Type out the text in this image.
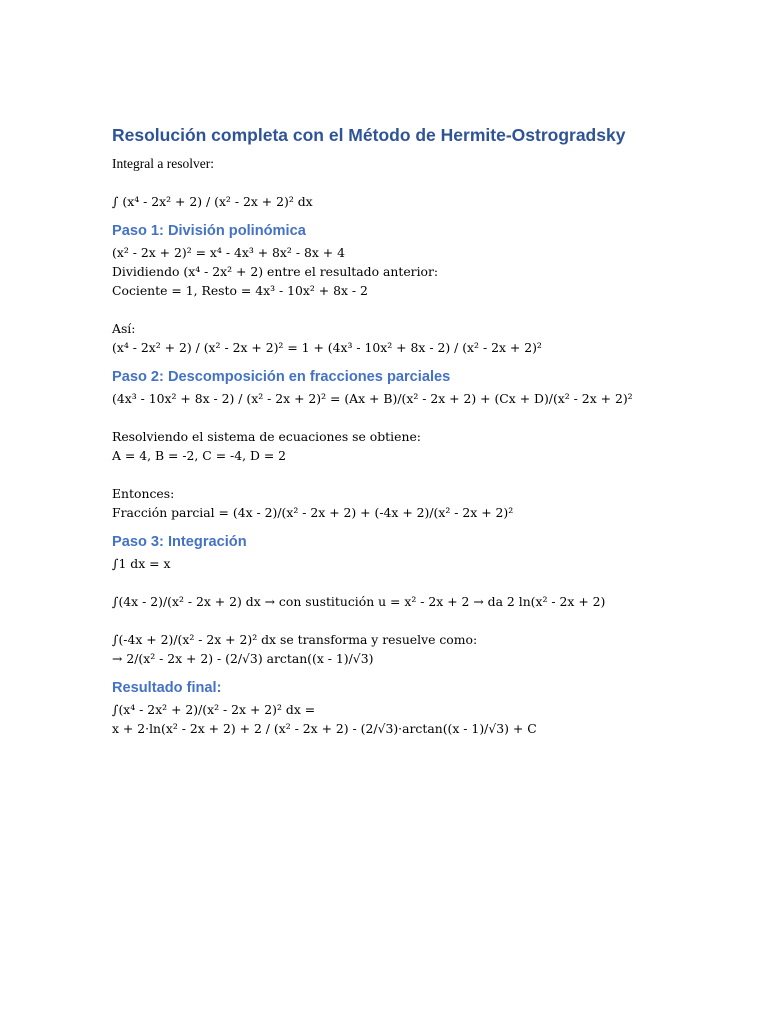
Resolución completa con el Método de Hermite-Ostrogradsky

Integral a resolver:

∫ (x⁴ - 2x² + 2) / (x² - 2x + 2)² dx

Paso 1: División polinómica

(x² - 2x + 2)² = x⁴ - 4x³ + 8x² - 8x + 4

Dividiendo (x⁴ - 2x² + 2) entre el resultado anterior:

Cociente = 1, Resto = 4x³ - 10x² + 8x - 2

Así:

(x⁴ - 2x² + 2) / (x² - 2x + 2)² = 1 + (4x³ - 10x² + 8x - 2) / (x² - 2x + 2)²

Paso 2: Descomposición en fracciones parciales

(4x³ - 10x² + 8x - 2) / (x² - 2x + 2)² = (Ax + B)/(x² - 2x + 2) + (Cx + D)/(x² - 2x + 2)²

Resolviendo el sistema de ecuaciones se obtiene:

A = 4, B = -2, C = -4, D = 2

Entonces:

Fracción parcial = (4x - 2)/(x² - 2x + 2) + (-4x + 2)/(x² - 2x + 2)²

Paso 3: Integración

∫1 dx = x

∫(4x - 2)/(x² - 2x + 2) dx → con sustitución u = x² - 2x + 2 → da 2 ln(x² - 2x + 2)

∫(-4x + 2)/(x² - 2x + 2)² dx se transforma y resuelve como:

→ 2/(x² - 2x + 2) - (2/√3) arctan((x - 1)/√3)

Resultado final:

∫(x⁴ - 2x² + 2)/(x² - 2x + 2)² dx =

x + 2·ln(x² - 2x + 2) + 2 / (x² - 2x + 2) - (2/√3)·arctan((x - 1)/√3) + C
